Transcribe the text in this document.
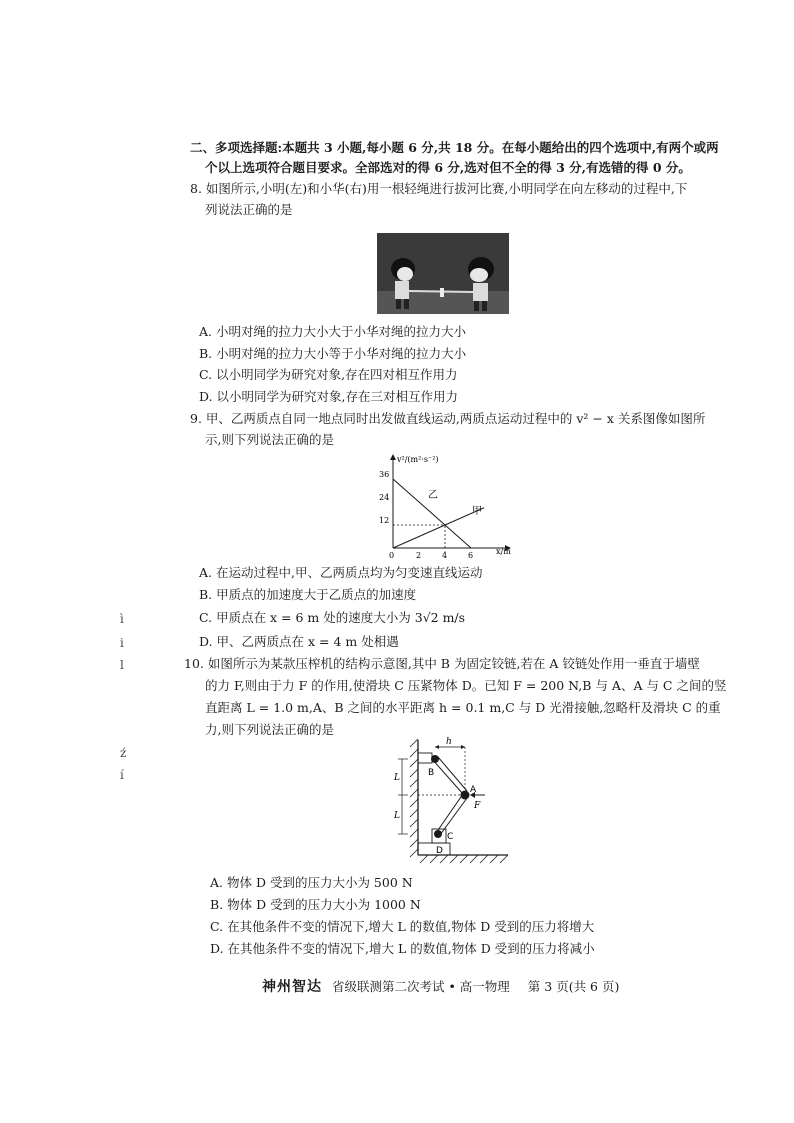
二、多项选择题:本题共 3 小题,每小题 6 分,共 18 分。在每小题给出的四个选项中,有两个或两
个以上选项符合题目要求。全部选对的得 6 分,选对但不全的得 3 分,有选错的得 0 分。
8. 如图所示,小明(左)和小华(右)用一根轻绳进行拔河比赛,小明同学在向左移动的过程中,下
列说法正确的是
A. 小明对绳的拉力大小大于小华对绳的拉力大小
B. 小明对绳的拉力大小等于小华对绳的拉力大小
C. 以小明同学为研究对象,存在四对相互作用力
D. 以小明同学为研究对象,存在三对相互作用力
9. 甲、乙两质点自同一地点同时出发做直线运动,两质点运动过程中的 v² − x 关系图像如图所
示,则下列说法正确的是
v²/(m²·s⁻²)
x/m
0	2	4	6
12
24
36
乙
甲
A. 在运动过程中,甲、乙两质点均为匀变速直线运动
B. 甲质点的加速度大于乙质点的加速度
C. 甲质点在 x = 6 m 处的速度大小为 3√2 m/s
D. 甲、乙两质点在 x = 4 m 处相遇
10. 如图所示为某款压榨机的结构示意图,其中 B 为固定铰链,若在 A 铰链处作用一垂直于墙壁
的力 F,则由于力 F 的作用,使滑块 C 压紧物体 D。已知 F = 200 N,B 与 A、A 与 C 之间的竖
直距离 L = 1.0 m,A、B 之间的水平距离 h = 0.1 m,C 与 D 光滑接触,忽略杆及滑块 C 的重
力,则下列说法正确的是
h
B
A
F
C
D
L
L
A. 物体 D 受到的压力大小为 500 N
B. 物体 D 受到的压力大小为 1000 N
C. 在其他条件不变的情况下,增大 L 的数值,物体 D 受到的压力将增大
D. 在其他条件不变的情况下,增大 L 的数值,物体 D 受到的压力将减小
ì
i
l
ź
í
神州智达 省级联测第二次考试 • 高一物理 第 3 页(共 6 页)
